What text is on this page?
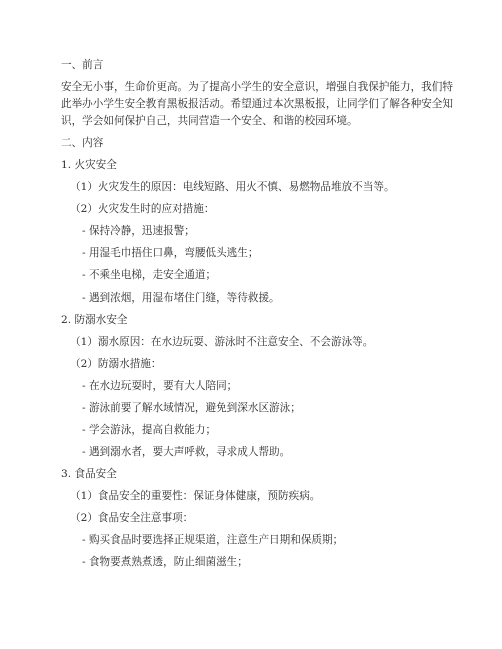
一、前言
安全无小事，生命价更高。为了提高小学生的安全意识，增强自我保护能力，我们特此举办小学生安全教育黑板报活动。希望通过本次黑板报，让同学们了解各种安全知识，学会如何保护自己，共同营造一个安全、和谐的校园环境。
二、内容
1. 火灾安全
（1）火灾发生的原因：电线短路、用火不慎、易燃物品堆放不当等。
（2）火灾发生时的应对措施：
- 保持冷静，迅速报警；
- 用湿毛巾捂住口鼻，弯腰低头逃生；
- 不乘坐电梯，走安全通道；
- 遇到浓烟，用湿布堵住门缝，等待救援。
2. 防溺水安全
（1）溺水原因：在水边玩耍、游泳时不注意安全、不会游泳等。
（2）防溺水措施：
- 在水边玩耍时，要有大人陪同；
- 游泳前要了解水域情况，避免到深水区游泳；
- 学会游泳，提高自救能力；
- 遇到溺水者，要大声呼救，寻求成人帮助。
3. 食品安全
（1）食品安全的重要性：保证身体健康，预防疾病。
（2）食品安全注意事项：
- 购买食品时要选择正规渠道，注意生产日期和保质期；
- 食物要煮熟煮透，防止细菌滋生；
